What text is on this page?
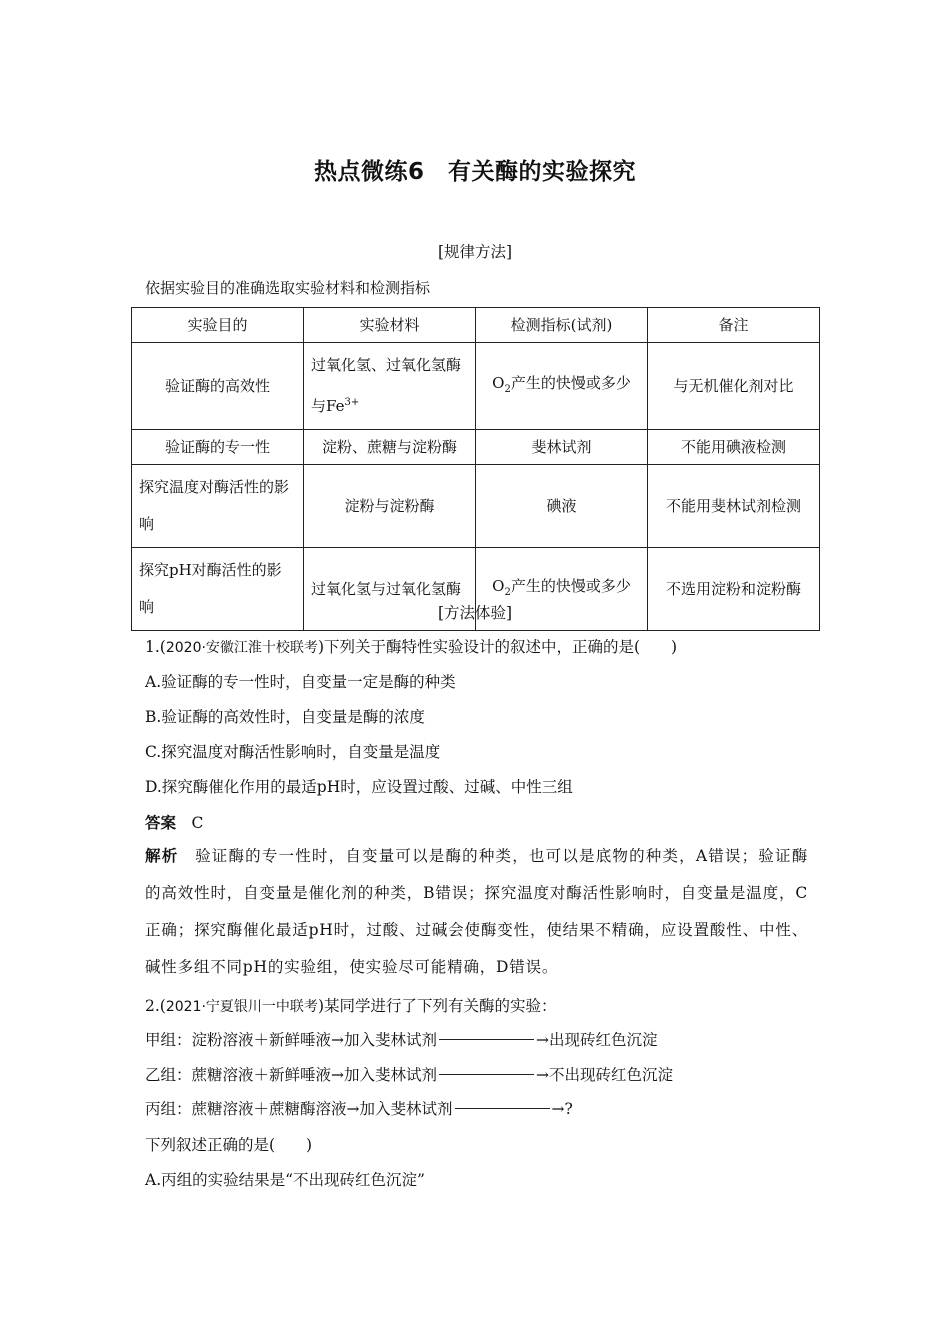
热点微练6　有关酶的实验探究
[规律方法]
依据实验目的准确选取实验材料和检测指标
实验目的	实验材料	检测指标(试剂)	备注
验证酶的高效性	过氧化氢、过氧化氢酶与$Fe^{3+}$	$O_2$产生的快慢或多少	与无机催化剂对比
验证酶的专一性	淀粉、蔗糖与淀粉酶	斐林试剂	不能用碘液检测
探究温度对酶活性的影响	淀粉与淀粉酶	碘液	不能用斐林试剂检测
探究pH对酶活性的影响	过氧化氢与过氧化氢酶	$O_2$产生的快慢或多少	不选用淀粉和淀粉酶
[方法体验]
1.(2020·安徽江淮十校联考)下列关于酶特性实验设计的叙述中，正确的是(　　)
A.验证酶的专一性时，自变量一定是酶的种类
B.验证酶的高效性时，自变量是酶的浓度
C.探究温度对酶活性影响时，自变量是温度
D.探究酶催化作用的最适pH时，应设置过酸、过碱、中性三组
答案　 C
解析　 验证酶的专一性时，自变量可以是酶的种类，也可以是底物的种类，A错误；验证酶的高效性时，自变量是催化剂的种类，B错误；探究温度对酶活性影响时，自变量是温度，C正确；探究酶催化最适pH时，过酸、过碱会使酶变性，使结果不精确，应设置酸性、中性、碱性多组不同pH的实验组，使实验尽可能精确，D错误。
2.(2021·宁夏银川一中联考)某同学进行了下列有关酶的实验：
甲组：淀粉溶液＋新鲜唾液→加入斐林试剂	→出现砖红色沉淀
乙组：蔗糖溶液＋新鲜唾液→加入斐林试剂	→不出现砖红色沉淀
丙组：蔗糖溶液＋蔗糖酶溶液→加入斐林试剂	→?
下列叙述正确的是(　　)
A.丙组的实验结果是“不出现砖红色沉淀”
